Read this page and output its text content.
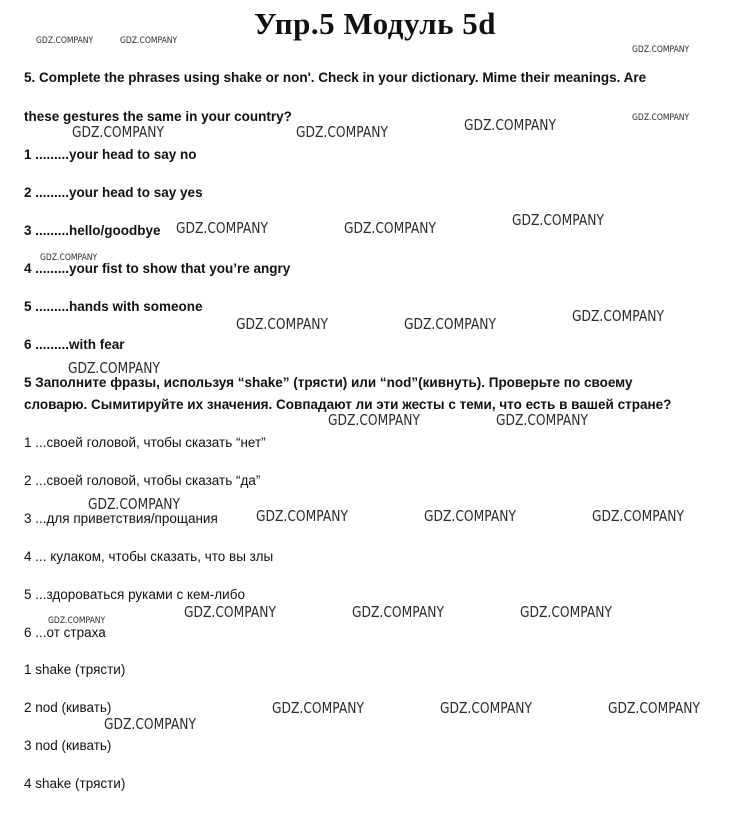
Упр.5 Модуль 5d
5. Complete the phrases using shake or non'. Check in your dictionary. Mime their meanings. Are
these gestures the same in your country?
1 .........your head to say no
2 .........your head to say yes
3 .........hello/goodbye
4 .........your fist to show that you’re angry
5 .........hands with someone
6 .........with fear
5 Заполните фразы, используя “shake” (трясти) или “nod”(кивнуть). Проверьте по своему
словарю. Сымитируйте их значения. Совпадают ли эти жесты с теми, что есть в вашей стране?
1 ...своей головой, чтобы сказать “нет”
2 ...своей головой, чтобы сказать “да”
3 ...для приветствия/прощания
4 ... кулаком, чтобы сказать, что вы злы
5 ...здороваться руками с кем-либо
6 ...от страха
1 shake (трясти)
2 nod (кивать)
3 nod (кивать)
4 shake (трясти)
GDZ.COMPANY	GDZ.COMPANY
GDZ.COMPANY
GDZ.COMPANY
GDZ.COMPANY
GDZ.COMPANY	GDZ.COMPANY
GDZ.COMPANY
GDZ.COMPANY	GDZ.COMPANY
GDZ.COMPANY
GDZ.COMPANY
GDZ.COMPANY	GDZ.COMPANY
GDZ.COMPANY
GDZ.COMPANY	GDZ.COMPANY
GDZ.COMPANY
GDZ.COMPANY	GDZ.COMPANY	GDZ.COMPANY
GDZ.COMPANY	GDZ.COMPANY	GDZ.COMPANY
GDZ.COMPANY
GDZ.COMPANY	GDZ.COMPANY	GDZ.COMPANY
GDZ.COMPANY
